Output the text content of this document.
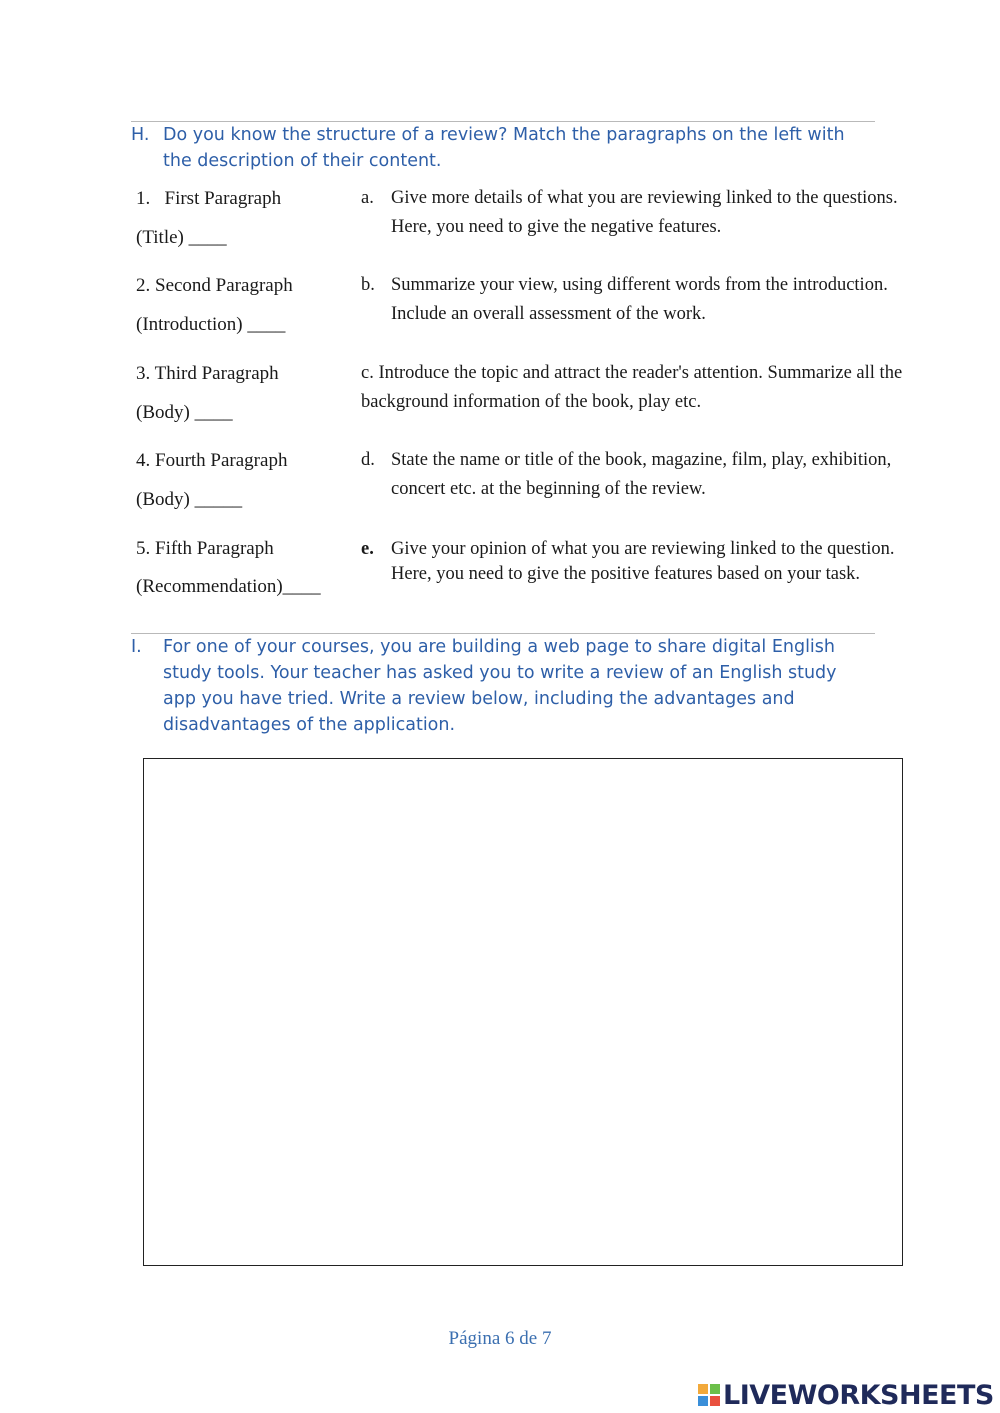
H. Do you know the structure of a review? Match the paragraphs on the left with the description of their content.
1.   First Paragraph
(Title) ____
2. Second Paragraph
(Introduction) ____
3. Third Paragraph
(Body) ____
4. Fourth Paragraph
(Body) _____
5. Fifth Paragraph
(Recommendation)____
a. Give more details of what you are reviewing linked to the questions. Here, you need to give the negative features.
b. Summarize your view, using different words from the introduction. Include an overall assessment of the work.
c. Introduce the topic and attract the reader's attention. Summarize all the background information of the book, play etc.
d. State the name or title of the book, magazine, film, play, exhibition, concert etc. at the beginning of the review.
e. Give your opinion of what you are reviewing linked to the question. Here, you need to give the positive features based on your task.
I. For one of your courses, you are building a web page to share digital English study tools. Your teacher has asked you to write a review of an English study app you have tried. Write a review below, including the advantages and disadvantages of the application.
Página 6 de 7
LIVEWORKSHEETS
